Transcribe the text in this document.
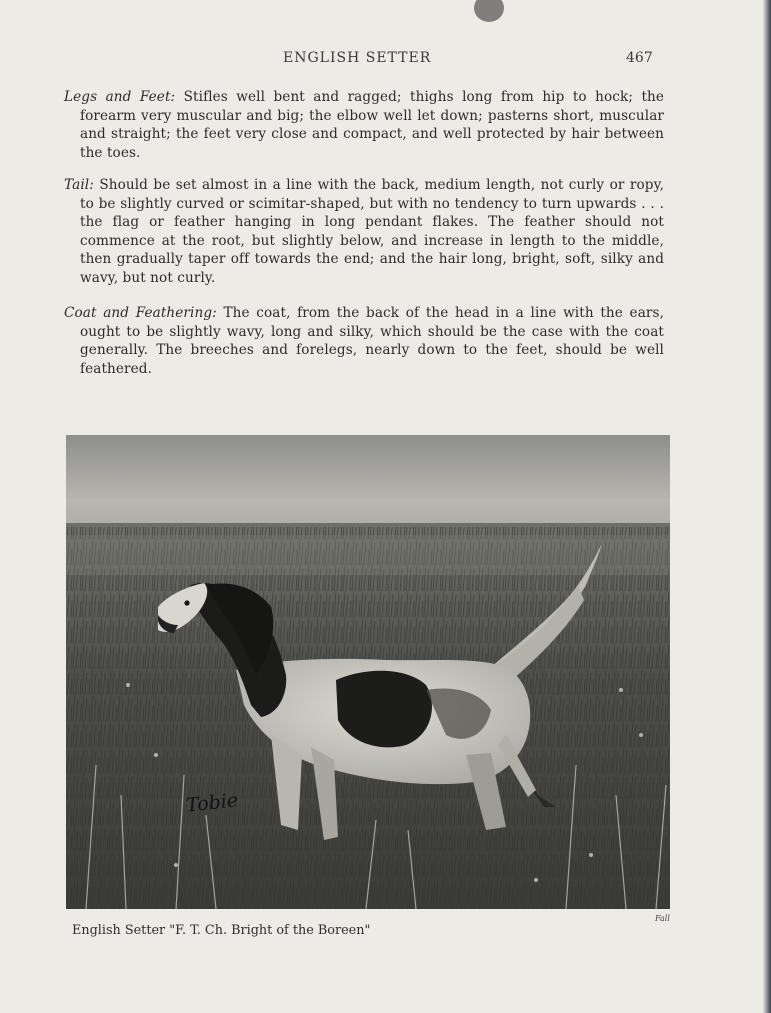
ENGLISH SETTER	467
Legs and Feet: Stifles well bent and ragged; thighs long from hip to hock; the forearm very muscular and big; the elbow well let down; pasterns short, muscular and straight; the feet very close and compact, and well protected by hair between the toes.
Tail: Should be set almost in a line with the back, medium length, not curly or ropy, to be slightly curved or scimitar-shaped, but with no tendency to turn upwards . . . the flag or feather hanging in long pendant flakes. The feather should not commence at the root, but slightly below, and increase in length to the middle, then gradually taper off towards the end; and the hair long, bright, soft, silky and wavy, but not curly.
Coat and Feathering: The coat, from the back of the head in a line with the ears, ought to be slightly wavy, long and silky, which should be the case with the coat generally. The breeches and forelegs, nearly down to the feet, should be well feathered.
Tobie
English Setter "F. T. Ch. Bright of the Boreen"
Fall
